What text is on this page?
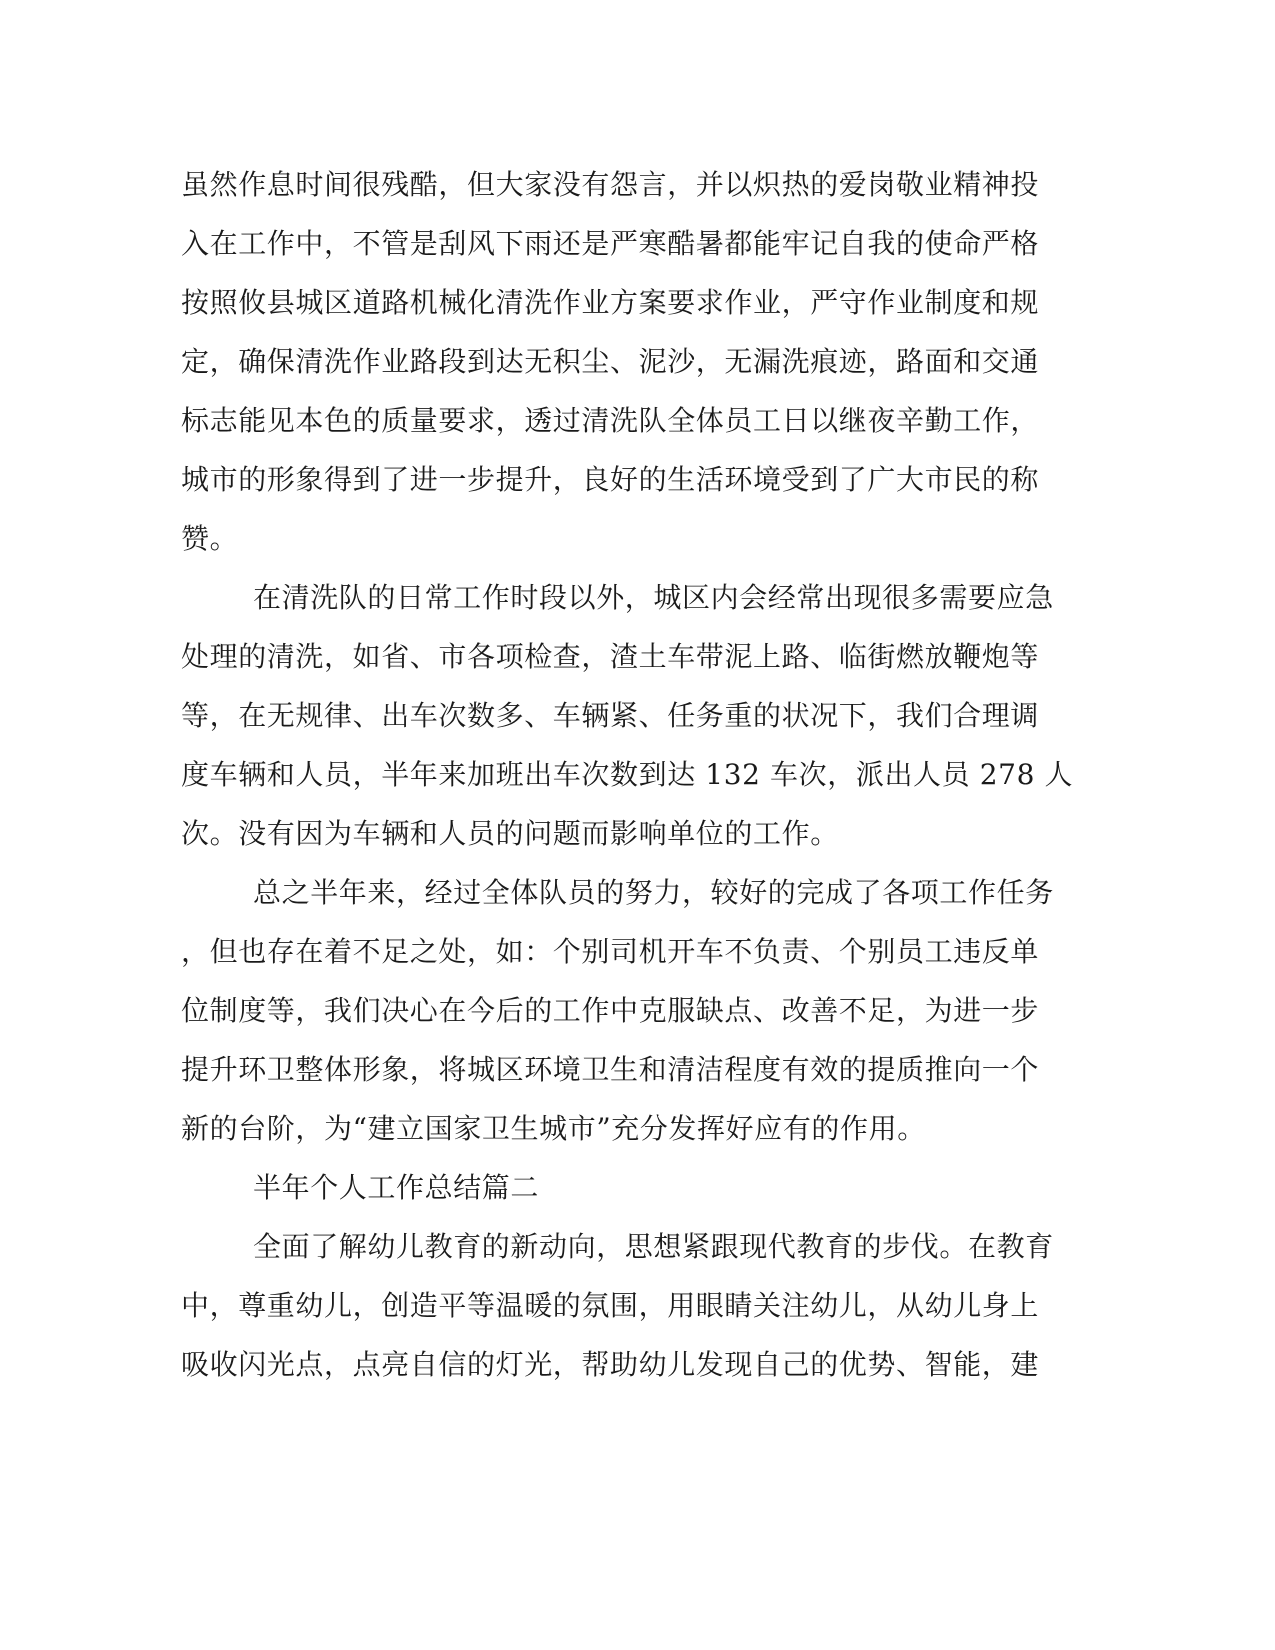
虽然作息时间很残酷，但大家没有怨言，并以炽热的爱岗敬业精神投
入在工作中，不管是刮风下雨还是严寒酷暑都能牢记自我的使命严格
按照攸县城区道路机械化清洗作业方案要求作业，严守作业制度和规
定，确保清洗作业路段到达无积尘、泥沙，无漏洗痕迹，路面和交通
标志能见本色的质量要求，透过清洗队全体员工日以继夜辛勤工作，
城市的形象得到了进一步提升，良好的生活环境受到了广大市民的称
赞。
在清洗队的日常工作时段以外，城区内会经常出现很多需要应急
处理的清洗，如省、市各项检查，渣土车带泥上路、临街燃放鞭炮等
等，在无规律、出车次数多、车辆紧、任务重的状况下，我们合理调
度车辆和人员，半年来加班出车次数到达 132 车次，派出人员 278 人
次。没有因为车辆和人员的问题而影响单位的工作。
总之半年来，经过全体队员的努力，较好的完成了各项工作任务
，但也存在着不足之处，如：个别司机开车不负责、个别员工违反单
位制度等，我们决心在今后的工作中克服缺点、改善不足，为进一步
提升环卫整体形象，将城区环境卫生和清洁程度有效的提质推向一个
新的台阶，为“建立国家卫生城市”充分发挥好应有的作用。
半年个人工作总结篇二
全面了解幼儿教育的新动向，思想紧跟现代教育的步伐。在教育
中，尊重幼儿，创造平等温暖的氛围，用眼睛关注幼儿，从幼儿身上
吸收闪光点，点亮自信的灯光，帮助幼儿发现自己的优势、智能，建
